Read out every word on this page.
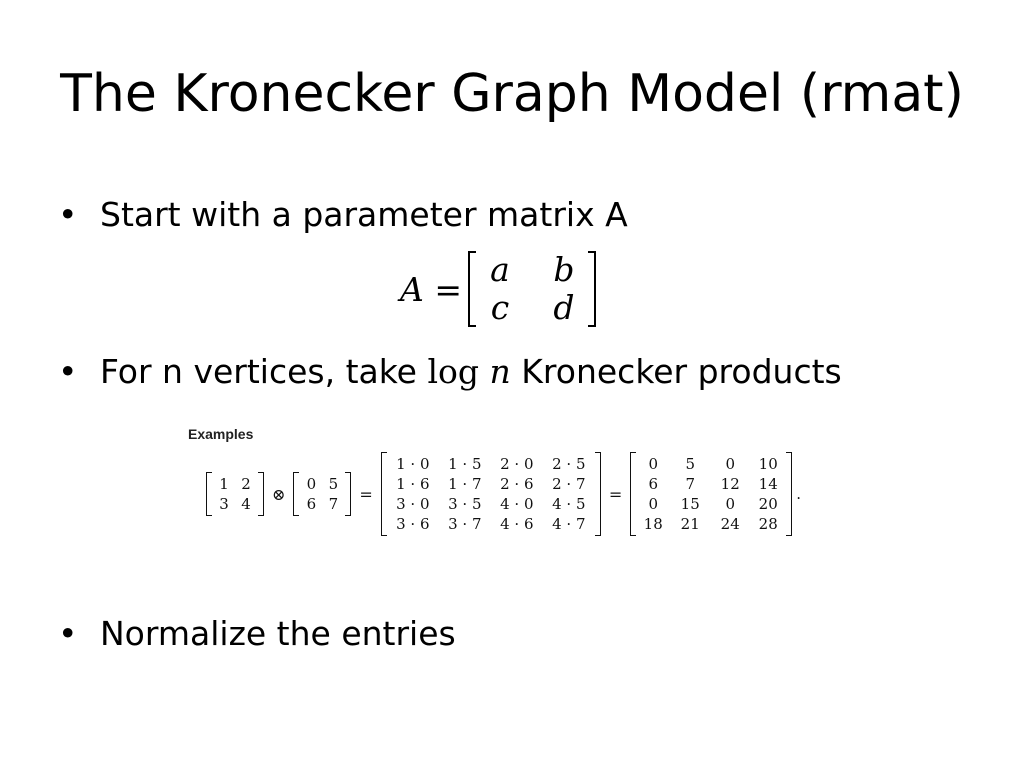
The Kronecker Graph Model (rmat)
• Start with a parameter matrix A
A = a	b
c	d
• For n vertices, take log n Kronecker products
Examples
1 2
3 4
⊗
0 5
6 7
=
1 · 0	1 · 5	2 · 0	2 · 5
1 · 6	1 · 7	2 · 6	2 · 7
3 · 0	3 · 5	4 · 0	4 · 5
3 · 6	3 · 7	4 · 6	4 · 7
=
0	5	0	10
6	7	12	14
0	15	0	20
18	21	24	28
.
• Normalize the entries
